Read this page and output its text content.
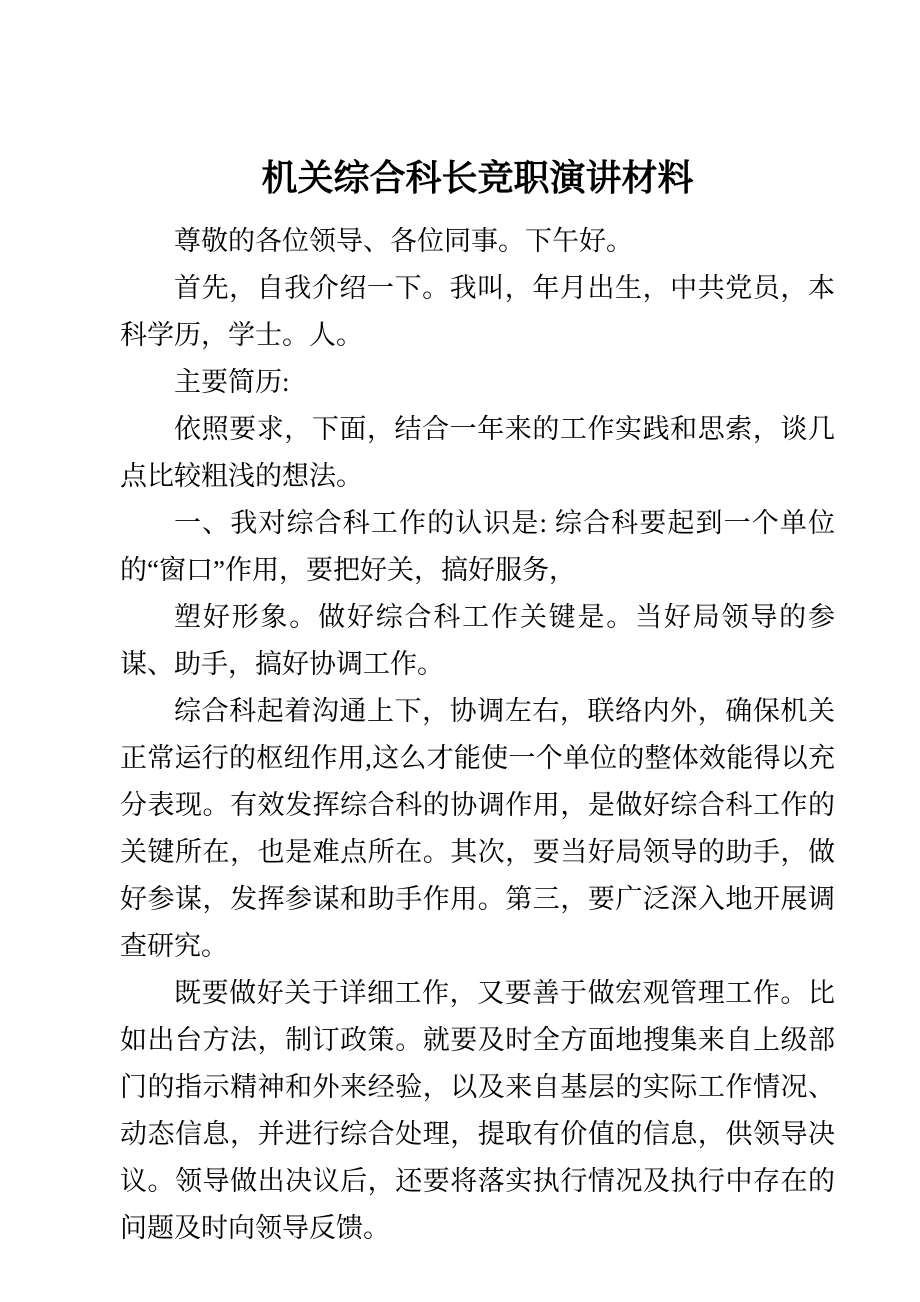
机关综合科长竞职演讲材料

尊敬的各位领导、各位同事。下午好。

首先，自我介绍一下。我叫，年月出生，中共党员，本科学历，学士。人。

主要简历:

依照要求，下面，结合一年来的工作实践和思索，谈几点比较粗浅的想法。

一、我对综合科工作的认识是: 综合科要起到一个单位的“窗口”作用，要把好关，搞好服务，

塑好形象。做好综合科工作关键是。当好局领导的参谋、助手，搞好协调工作。

综合科起着沟通上下，协调左右，联络内外，确保机关正常运行的枢纽作用,这么才能使一个单位的整体效能得以充分表现。有效发挥综合科的协调作用，是做好综合科工作的关键所在，也是难点所在。其次，要当好局领导的助手，做好参谋，发挥参谋和助手作用。第三，要广泛深入地开展调查研究。

既要做好关于详细工作，又要善于做宏观管理工作。比如出台方法，制订政策。就要及时全方面地搜集来自上级部门的指示精神和外来经验，以及来自基层的实际工作情况、动态信息，并进行综合处理，提取有价值的信息，供领导决议。领导做出决议后，还要将落实执行情况及执行中存在的问题及时向领导反馈。
